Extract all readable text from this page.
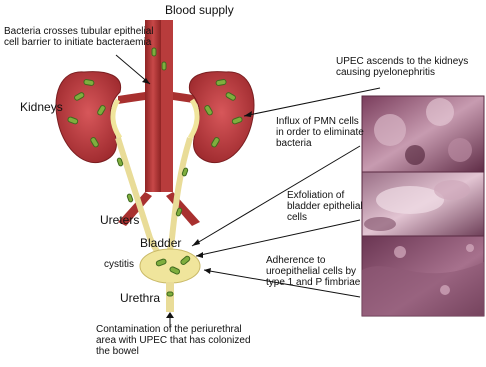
Blood supply
Kidneys
Ureters
Bladder
cystitis
Urethra
Bacteria crosses tubular epithelial
cell barrier to initiate bacteraemia
UPEC ascends to the kidneys
causing pyelonephritis
Influx of PMN cells
in order to eliminate
bacteria
Exfoliation of
bladder epithelial
cells
Adherence to
uroepithelial cells by
type 1 and P fimbriae
Contamination of the periurethral
area with UPEC that has colonized
the bowel
